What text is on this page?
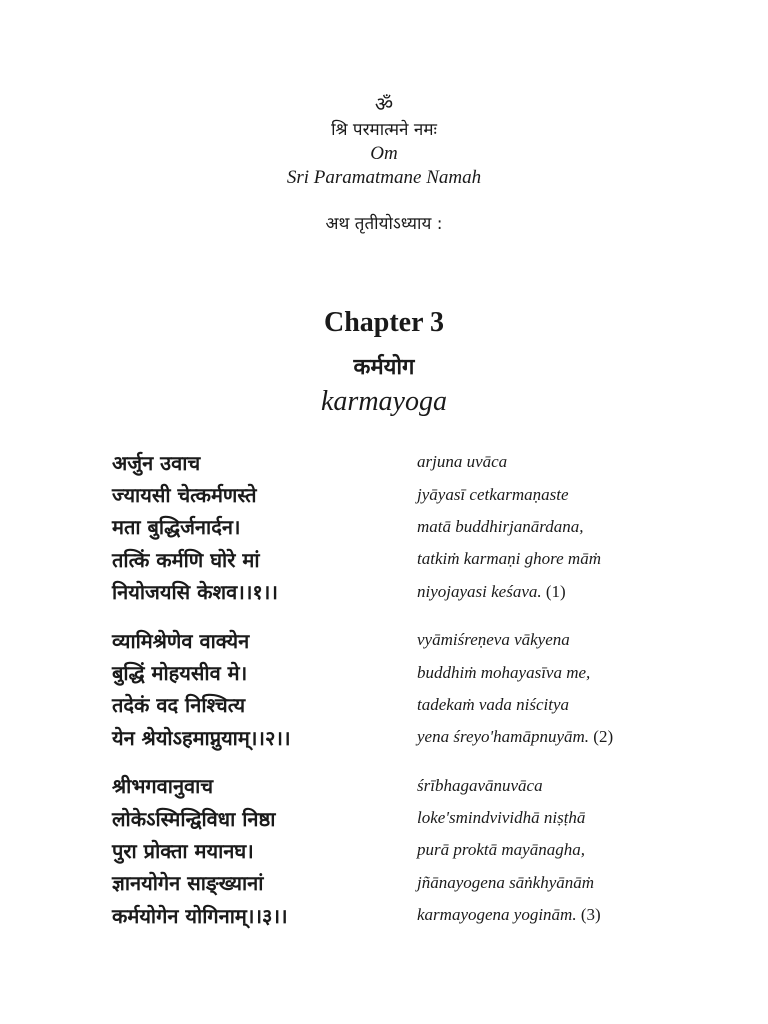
ॐ
श्रि परमात्मने नमः
Om
Sri Paramatmane Namah
अथ तृतीयोऽध्याय :
Chapter 3
कर्मयोग
karmayoga
अर्जुन उवाच	arjuna uvāca
ज्यायसी चेत्कर्मणस्ते	jyāyasī cetkarmaṇaste
मता बुद्धिर्जनार्दन।	matā buddhirjanārdana,
तत्किं कर्मणि घोरे मां	tatkiṁ karmaṇi ghore māṁ
नियोजयसि केशव।।१।।	niyojayasi keśava. (1)
व्यामिश्रेणेव वाक्येन	vyāmiśreṇeva vākyena
बुद्धिं मोहयसीव मे।	buddhiṁ mohayasīva me,
तदेकं वद निश्चित्य	tadekaṁ vada niścitya
येन श्रेयोऽहमाप्नुयाम्।।२।।	yena śreyo'hamāpnuyām. (2)
श्रीभगवानुवाच	śrībhagavānuvāca
लोकेऽस्मिन्द्विविधा निष्ठा	loke'smindvividhā niṣṭhā
पुरा प्रोक्ता मयानघ।	purā proktā mayānagha,
ज्ञानयोगेन साङ्ख्यानां	jñānayogena sāṅkhyānāṁ
कर्मयोगेन योगिनाम्।।३।।	karmayogena yoginām. (3)
